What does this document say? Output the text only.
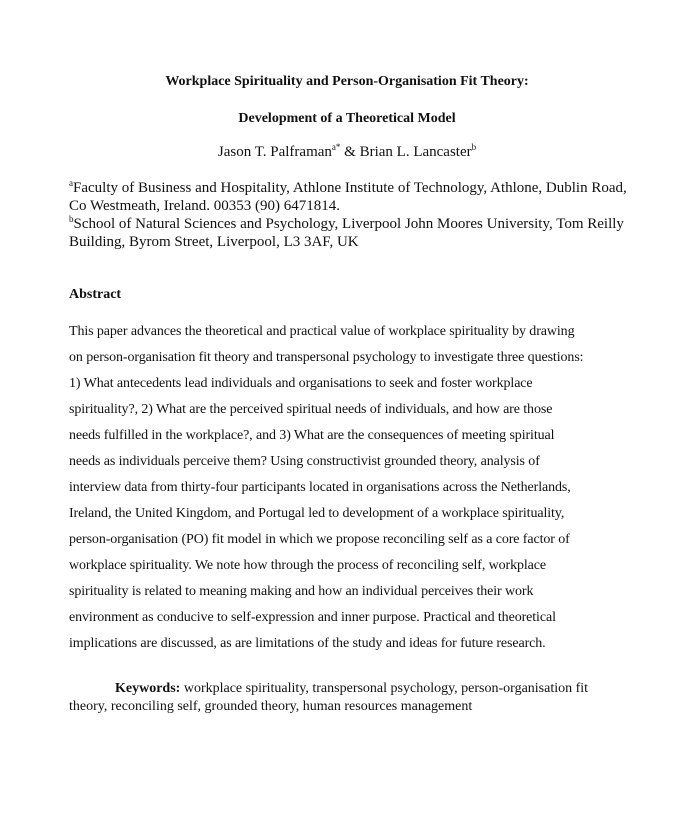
Workplace Spirituality and Person-Organisation Fit Theory:
Development of a Theoretical Model
Jason T. Palframan$^{a*}$ & Brian L. Lancaster$^b$
$^a$Faculty of Business and Hospitality, Athlone Institute of Technology, Athlone, Dublin Road,
Co Westmeath, Ireland. 00353 (90) 6471814.
$^b$School of Natural Sciences and Psychology, Liverpool John Moores University, Tom Reilly
Building, Byrom Street, Liverpool, L3 3AF, UK
Abstract
This paper advances the theoretical and practical value of workplace spirituality by drawing
on person-organisation fit theory and transpersonal psychology to investigate three questions:
1) What antecedents lead individuals and organisations to seek and foster workplace
spirituality?, 2) What are the perceived spiritual needs of individuals, and how are those
needs fulfilled in the workplace?, and 3) What are the consequences of meeting spiritual
needs as individuals perceive them? Using constructivist grounded theory, analysis of
interview data from thirty-four participants located in organisations across the Netherlands,
Ireland, the United Kingdom, and Portugal led to development of a workplace spirituality,
person-organisation (PO) fit model in which we propose reconciling self as a core factor of
workplace spirituality. We note how through the process of reconciling self, workplace
spirituality is related to meaning making and how an individual perceives their work
environment as conducive to self-expression and inner purpose. Practical and theoretical
implications are discussed, as are limitations of the study and ideas for future research.
Keywords: workplace spirituality, transpersonal psychology, person-organisation fit
theory, reconciling self, grounded theory, human resources management
